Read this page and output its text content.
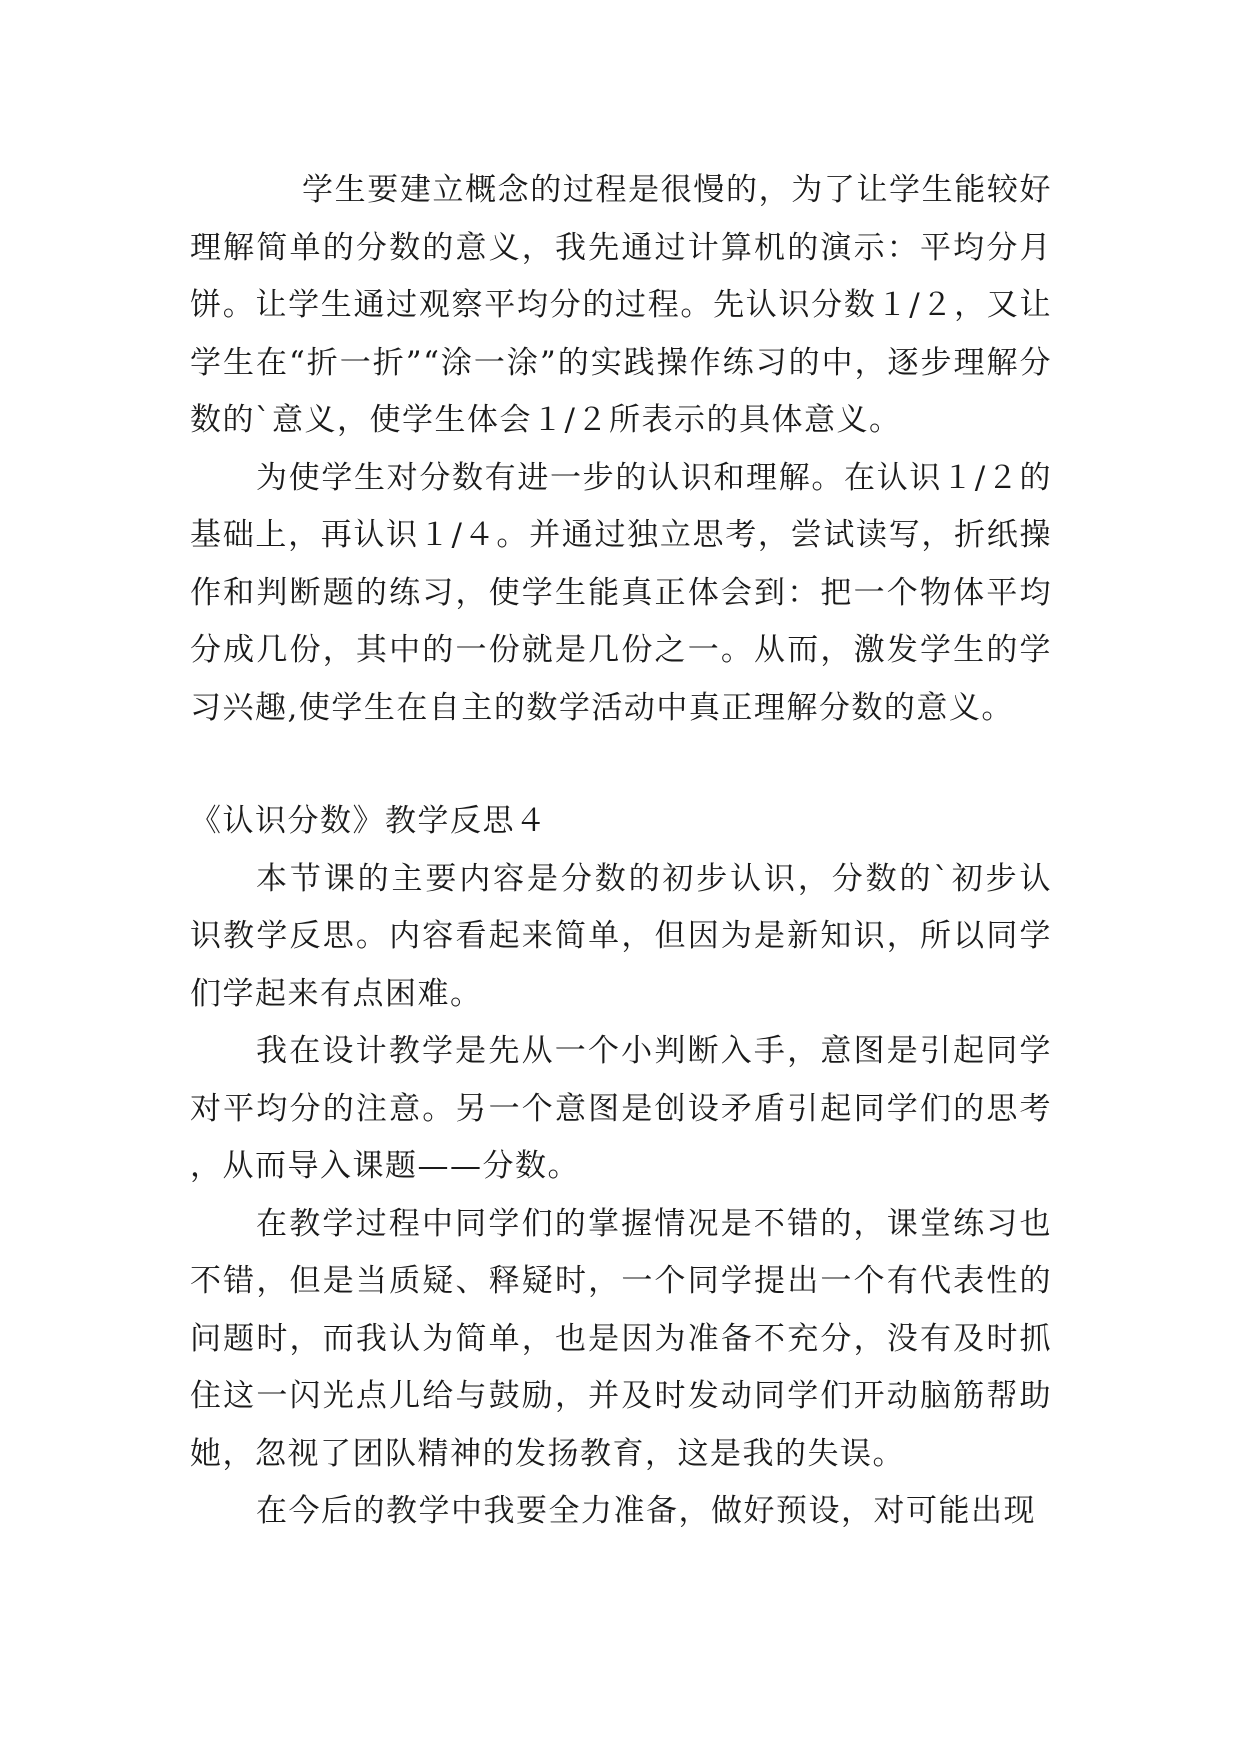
学生要建立概念的过程是很慢的，为了让学生能较好理解简单的分数的意义，我先通过计算机的演示：平均分月饼。让学生通过观察平均分的过程。先认识分数１/２，又让学生在“折一折”“涂一涂”的实践操作练习的中，逐步理解分数的`意义，使学生体会１/２所表示的具体意义。

为使学生对分数有进一步的认识和理解。在认识１/２的基础上，再认识１/４。并通过独立思考，尝试读写，折纸操作和判断题的练习，使学生能真正体会到：把一个物体平均分成几份，其中的一份就是几份之一。从而，激发学生的学习兴趣,使学生在自主的数学活动中真正理解分数的意义。

《认识分数》教学反思４

本节课的主要内容是分数的初步认识，分数的`初步认识教学反思。内容看起来简单，但因为是新知识，所以同学们学起来有点困难。

我在设计教学是先从一个小判断入手，意图是引起同学对平均分的注意。另一个意图是创设矛盾引起同学们的思考，从而导入课题——分数。

在教学过程中同学们的掌握情况是不错的，课堂练习也不错，但是当质疑、释疑时，一个同学提出一个有代表性的问题时，而我认为简单，也是因为准备不充分，没有及时抓住这一闪光点儿给与鼓励，并及时发动同学们开动脑筋帮助她，忽视了团队精神的发扬教育，这是我的失误。

在今后的教学中我要全力准备，做好预设，对可能出现
